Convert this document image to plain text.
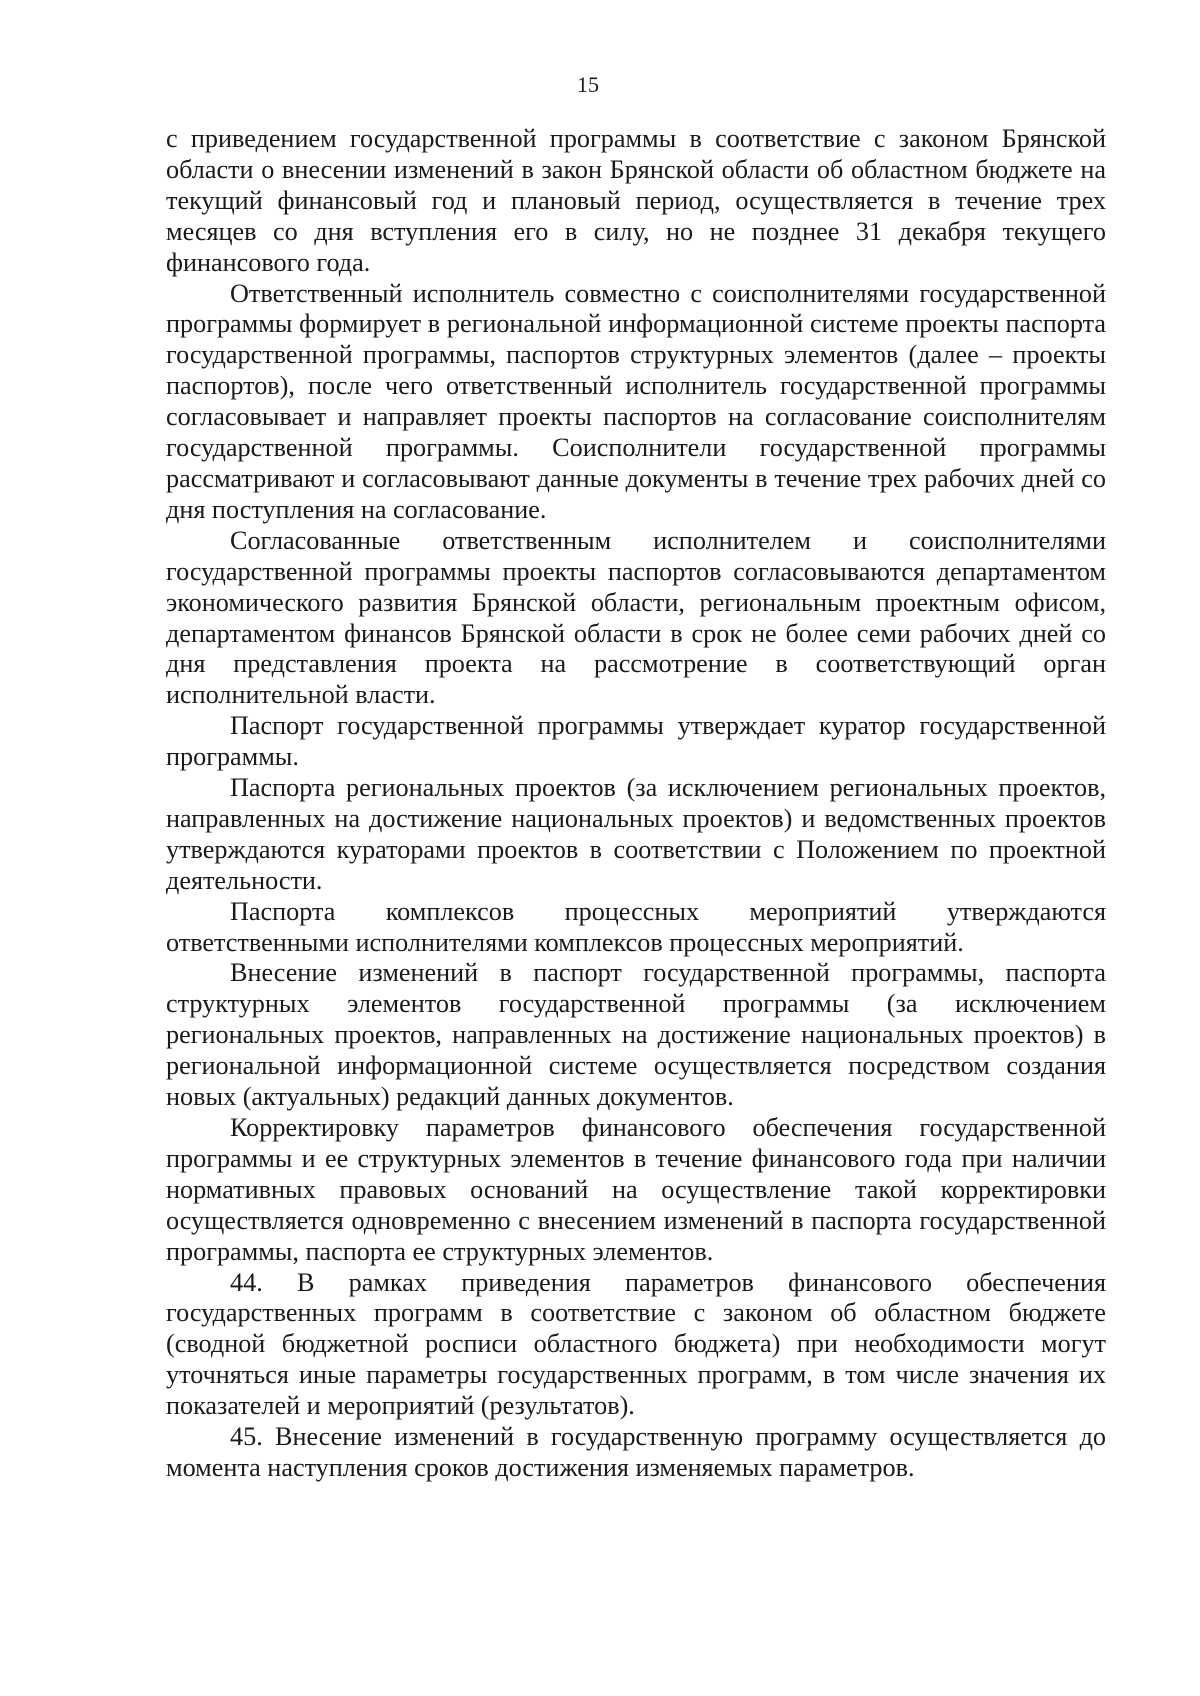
15

с приведением государственной программы в соответствие с законом Брянской области о внесении изменений в закон Брянской области об областном бюджете на текущий финансовый год и плановый период, осуществляется в течение трех месяцев со дня вступления его в силу, но не позднее 31 декабря текущего финансового года.

Ответственный исполнитель совместно с соисполнителями государственной программы формирует в региональной информационной системе проекты паспорта государственной программы, паспортов структурных элементов (далее – проекты паспортов), после чего ответственный исполнитель государственной программы согласовывает и направляет проекты паспортов на согласование соисполнителям государственной программы. Соисполнители государственной программы рассматривают и согласовывают данные документы в течение трех рабочих дней со дня поступления на согласование.

Согласованные ответственным исполнителем и соисполнителями государственной программы проекты паспортов согласовываются департаментом экономического развития Брянской области, региональным проектным офисом, департаментом финансов Брянской области в срок не более семи рабочих дней со дня представления проекта на рассмотрение в соответствующий орган исполнительной власти.

Паспорт государственной программы утверждает куратор государственной программы.

Паспорта региональных проектов (за исключением региональных проектов, направленных на достижение национальных проектов) и ведомственных проектов утверждаются кураторами проектов в соответствии с Положением по проектной деятельности.

Паспорта комплексов процессных мероприятий утверждаются ответственными исполнителями комплексов процессных мероприятий.

Внесение изменений в паспорт государственной программы, паспорта структурных элементов государственной программы (за исключением региональных проектов, направленных на достижение национальных проектов) в региональной информационной системе осуществляется посредством создания новых (актуальных) редакций данных документов.

Корректировку параметров финансового обеспечения государственной программы и ее структурных элементов в течение финансового года при наличии нормативных правовых оснований на осуществление такой корректировки осуществляется одновременно с внесением изменений в паспорта государственной программы, паспорта ее структурных элементов.

44. В рамках приведения параметров финансового обеспечения государственных программ в соответствие с законом об областном бюджете (сводной бюджетной росписи областного бюджета) при необходимости могут уточняться иные параметры государственных программ, в том числе значения их показателей и мероприятий (результатов).

45. Внесение изменений в государственную программу осуществляется до момента наступления сроков достижения изменяемых параметров.
